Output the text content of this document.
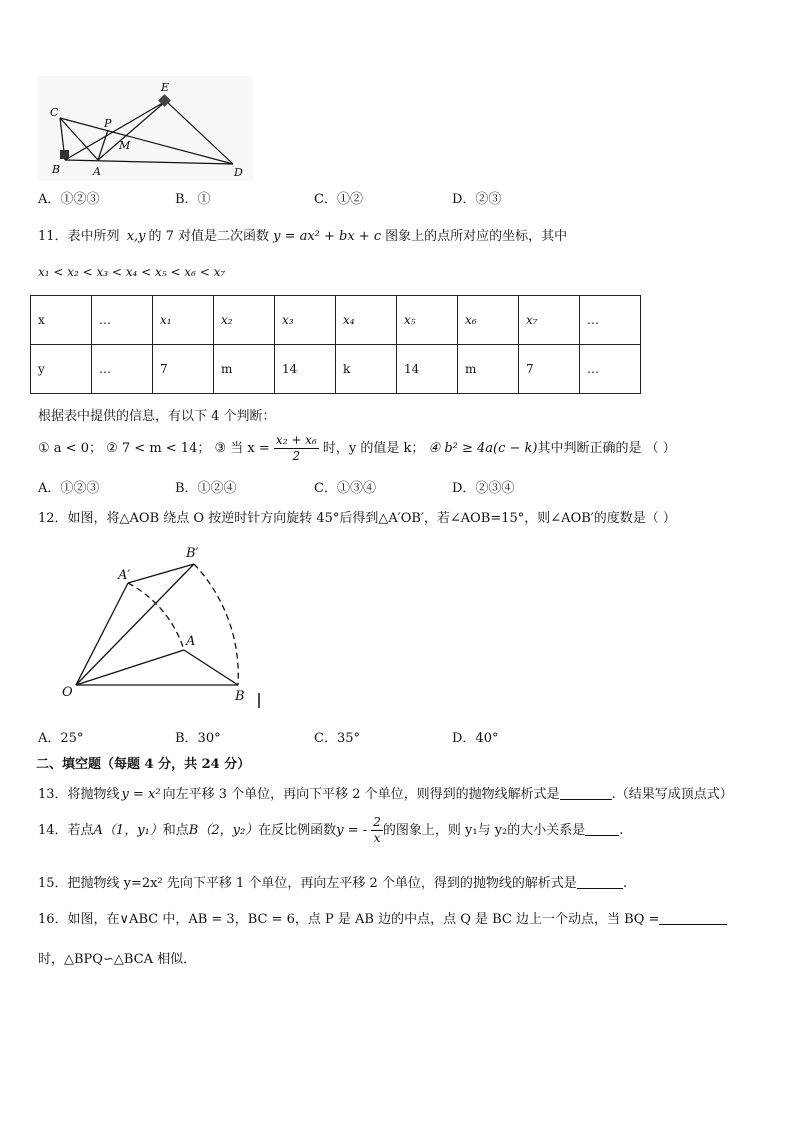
C
E
P
M
B	A	D
A．①②③	B．①	C．①②	D．②③
11．表中所列 x,y 的 7 对值是二次函数 y = ax² + bx + c 图象上的点所对应的坐标，其中
x₁ < x₂ < x₃ < x₄ < x₅ < x₆ < x₇
x	…	x₁	x₂	x₃	x₄	x₅	x₆	x₇	…
y	…	7	m	14	k	14	m	7	…
根据表中提供的信息，有以下 4 个判断：
① a < 0； ② 7 < m < 14； ③ 当 $x = \frac{\text{x₂ + x₆}}{2}$ 时，y 的值是 k； ④ b² ≥ 4a(c − k)其中判断正确的是 （ ）
A．①②③	B．①②④	C．①③④	D．②③④
12．如图，将△AOB 绕点 O 按逆时针方向旋转 45°后得到△A′OB′，若∠AOB=15°，则∠AOB′的度数是（ ）
B′
A′
A
O	B
A．25°	B．30°	C．35°	D．40°
二、填空题（每题 4 分，共 24 分）
13．将抛物线 y = x² 向左平移 3 个单位，再向下平移 2 个单位，则得到的抛物线解析式是	.（结果写成顶点式）
14．若点A（1，y₁）和点B（2，y₂）在反比例函数y = - $\frac{2}{x}$ 的图象上，则 y₁与 y₂的大小关系是	.
15．把抛物线 y=2x² 先向下平移 1 个单位，再向左平移 2 个单位，得到的抛物线的解析式是	.
16．如图，在∨ABC 中，AB = 3，BC = 6，点 P 是 AB 边的中点，点 Q 是 BC 边上一个动点，当 BQ =
时，△BPQ∽△BCA 相似．
